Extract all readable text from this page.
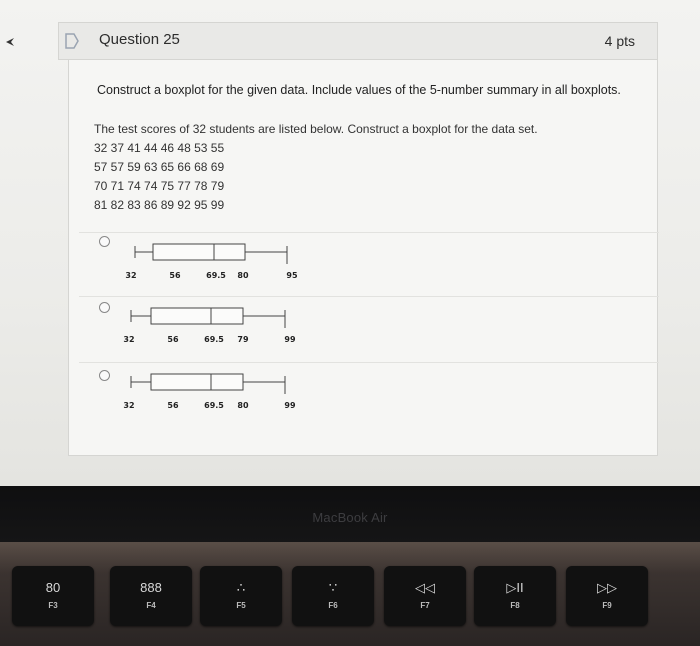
Question 25	4 pts
Construct a boxplot for the given data. Include values of the 5-number summary in all boxplots.
The test scores of 32 students are listed below. Construct a boxplot for the data set.
32 37 41 44 46 48 53 55
57 57 59 63 65 66 68 69
70 71 74 74 75 77 78 79
81 82 83 86 89 92 95 99
32	56	69.5 80	95
32	56	69.5 79	99
32	56	69.5 80	99
MacBook Air
80
F3
888
F4
∴
F5
∵
F6
◁◁
F7
▷II
F8
▷▷
F9
